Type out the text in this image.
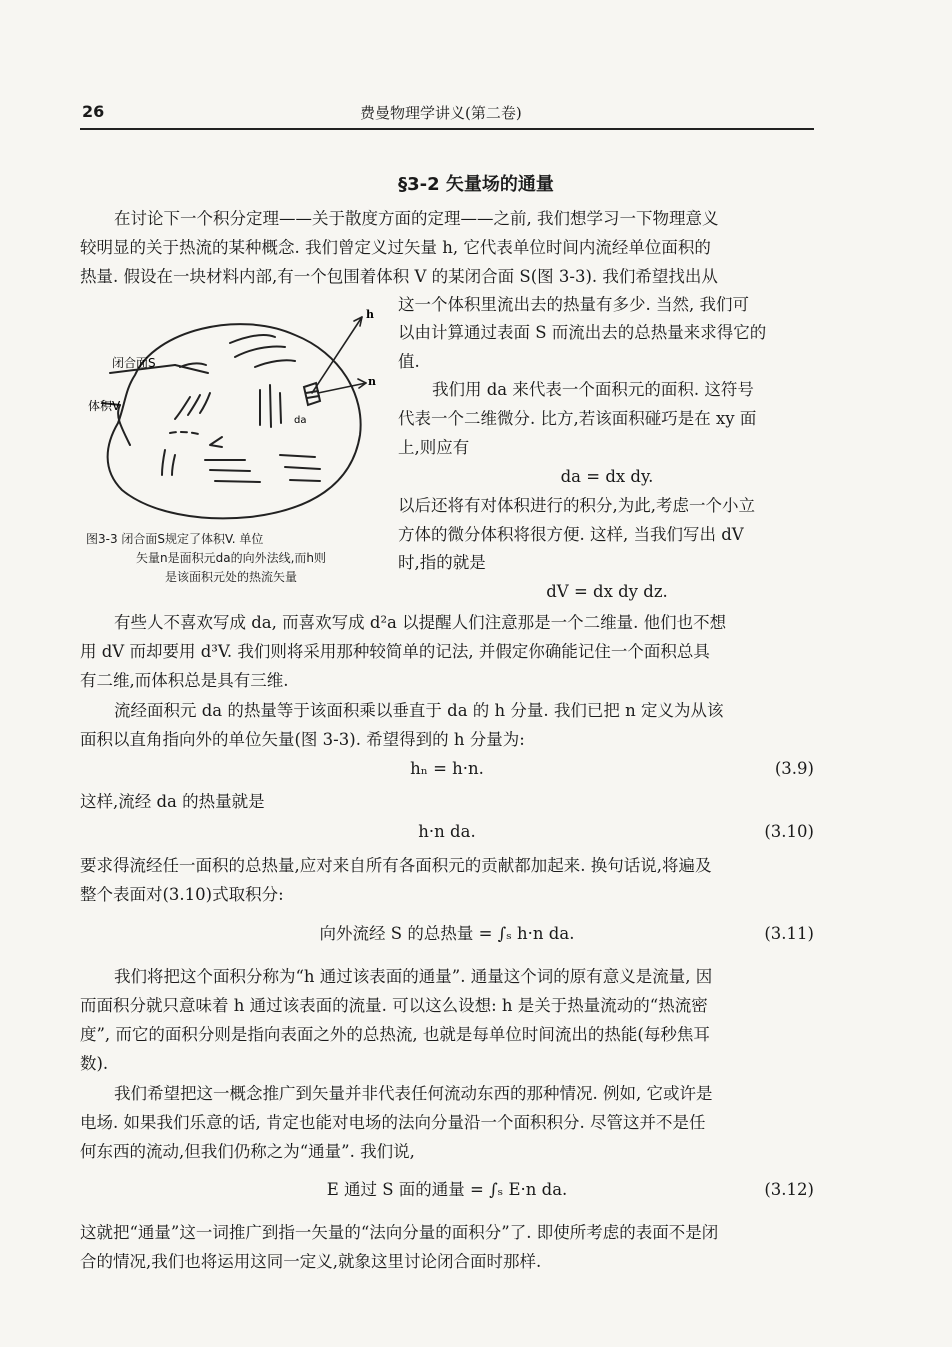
26	费曼物理学讲义(第二卷)
§3-2 矢量场的通量
在讨论下一个积分定理——关于散度方面的定理——之前, 我们想学习一下物理意义
较明显的关于热流的某种概念. 我们曾定义过矢量 h, 它代表单位时间内流经单位面积的
热量. 假设在一块材料内部,有一个包围着体积 V 的某闭合面 S(图 3-3). 我们希望找出从
这一个体积里流出去的热量有多少. 当然, 我们可
以由计算通过表面 S 而流出去的总热量来求得它的
值.
我们用 da 来代表一个面积元的面积. 这符号
代表一个二维微分. 比方,若该面积碰巧是在 xy 面
上,则应有
da = dx dy.
以后还将有对体积进行的积分,为此,考虑一个小立
方体的微分体积将很方便. 这样, 当我们写出 dV
时,指的就是
dV = dx dy dz.
闭合面S
体积V
h
n
da
图3-3 闭合面S规定了体积V. 单位
矢量n是面积元da的向外法线,而h则
是该面积元处的热流矢量
有些人不喜欢写成 da, 而喜欢写成 d²a 以提醒人们注意那是一个二维量. 他们也不想
用 dV 而却要用 d³V. 我们则将采用那种较简单的记法, 并假定你确能记住一个面积总具
有二维,而体积总是具有三维.
流经面积元 da 的热量等于该面积乘以垂直于 da 的 h 分量. 我们已把 n 定义为从该
面积以直角指向外的单位矢量(图 3-3). 希望得到的 h 分量为:
hₙ = h·n.	(3.9)
这样,流经 da 的热量就是
h·n da.	(3.10)
要求得流经任一面积的总热量,应对来自所有各面积元的贡献都加起来. 换句话说,将遍及
整个表面对(3.10)式取积分:
向外流经 S 的总热量 = ∫ₛ h·n da.	(3.11)
我们将把这个面积分称为“h 通过该表面的通量”. 通量这个词的原有意义是流量, 因
而面积分就只意味着 h 通过该表面的流量. 可以这么设想: h 是关于热量流动的“热流密
度”, 而它的面积分则是指向表面之外的总热流, 也就是每单位时间流出的热能(每秒焦耳
数).
我们希望把这一概念推广到矢量并非代表任何流动东西的那种情况. 例如, 它或许是
电场. 如果我们乐意的话, 肯定也能对电场的法向分量沿一个面积积分. 尽管这并不是任
何东西的流动,但我们仍称之为“通量”. 我们说,
E 通过 S 面的通量 = ∫ₛ E·n da.	(3.12)
这就把“通量”这一词推广到指一矢量的“法向分量的面积分”了. 即使所考虑的表面不是闭
合的情况,我们也将运用这同一定义,就象这里讨论闭合面时那样.
